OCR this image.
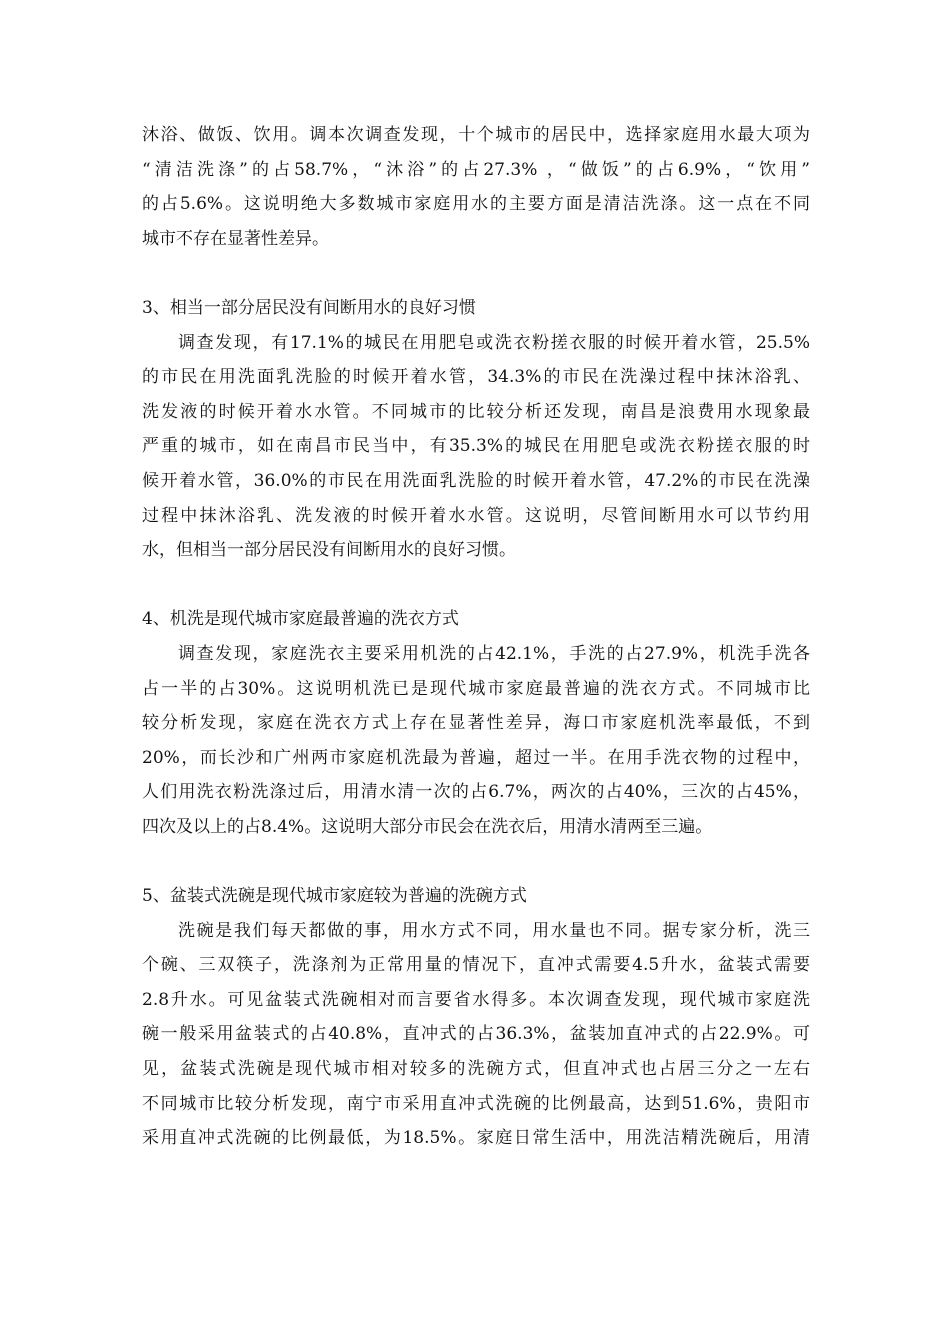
沐浴、做饭、饮用。调本次调查发现，十个城市的居民中，选择家庭用水最大项为
“清洁洗涤”的占58.7%，“沐浴”的占27.3% ，“做饭”的占6.9%，“饮用”
的占5.6%。这说明绝大多数城市家庭用水的主要方面是清洁洗涤。这一点在不同
城市不存在显著性差异。
3、相当一部分居民没有间断用水的良好习惯
调查发现，有17.1%的城民在用肥皂或洗衣粉搓衣服的时候开着水管，25.5%
的市民在用洗面乳洗脸的时候开着水管，34.3%的市民在洗澡过程中抹沐浴乳、
洗发液的时候开着水水管。不同城市的比较分析还发现，南昌是浪费用水现象最
严重的城市，如在南昌市民当中，有35.3%的城民在用肥皂或洗衣粉搓衣服的时
候开着水管，36.0%的市民在用洗面乳洗脸的时候开着水管，47.2%的市民在洗澡
过程中抹沐浴乳、洗发液的时候开着水水管。这说明，尽管间断用水可以节约用
水，但相当一部分居民没有间断用水的良好习惯。
4、机洗是现代城市家庭最普遍的洗衣方式
调查发现，家庭洗衣主要采用机洗的占42.1%，手洗的占27.9%，机洗手洗各
占一半的占30%。这说明机洗已是现代城市家庭最普遍的洗衣方式。不同城市比
较分析发现，家庭在洗衣方式上存在显著性差异，海口市家庭机洗率最低，不到
20%，而长沙和广州两市家庭机洗最为普遍，超过一半。在用手洗衣物的过程中，
人们用洗衣粉洗涤过后，用清水清一次的占6.7%，两次的占40%，三次的占45%，
四次及以上的占8.4%。这说明大部分市民会在洗衣后，用清水清两至三遍。
5、盆装式洗碗是现代城市家庭较为普遍的洗碗方式
洗碗是我们每天都做的事，用水方式不同，用水量也不同。据专家分析，洗三
个碗、三双筷子，洗涤剂为正常用量的情况下，直冲式需要4.5升水，盆装式需要
2.8升水。可见盆装式洗碗相对而言要省水得多。本次调查发现，现代城市家庭洗
碗一般采用盆装式的占40.8%，直冲式的占36.3%，盆装加直冲式的占22.9%。可
见，盆装式洗碗是现代城市相对较多的洗碗方式，但直冲式也占居三分之一左右
不同城市比较分析发现，南宁市采用直冲式洗碗的比例最高，达到51.6%，贵阳市
采用直冲式洗碗的比例最低，为18.5%。家庭日常生活中，用洗洁精洗碗后，用清
